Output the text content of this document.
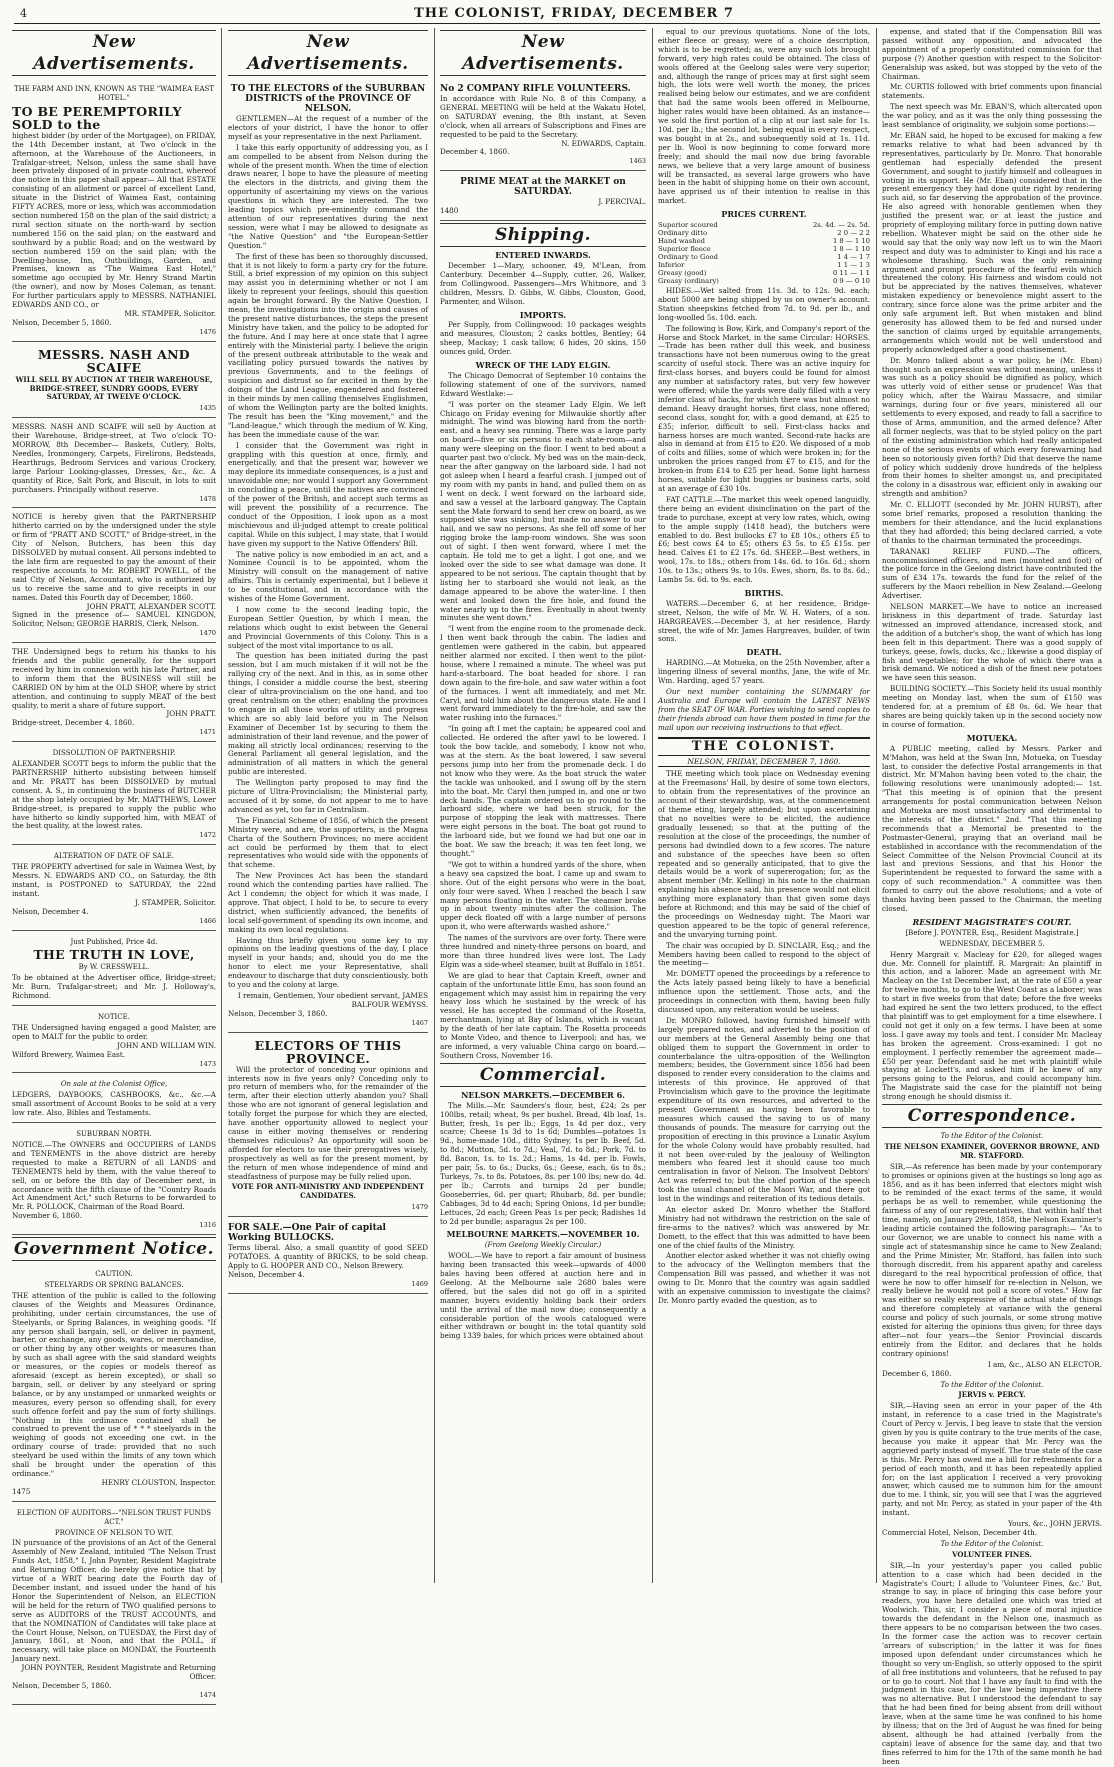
4	THE COLONIST, FRIDAY, DECEMBER 7
New Advertisements.
THE FARM AND INN, KNOWN AS THE "WAIMEA EAST HOTEL."
TO BE PEREMPTORILY SOLD to the
highest bidder (by order of the Mortgagee), on FRIDAY, the 14th December instant, at Two o'clock in the afternoon, at the Warehouse of the Auctioneers, in Trafalgar-street, Nelson, unless the same shall have been privately disposed of in private contract, whereof due notice in this paper shall appear— All that ESTATE consisting of an allotment or parcel of excellent Land, situate in the District of Waimea East, containing FIFTY ACRES, more or less, which was accommodation section numbered 158 on the plan of the said district; a rural section situate on the north-ward by section numbered 156 on the said plan; on the eastward and southward by a public Road; and on the westward by section numbered 159 on the said plan; with the Dwelling-house, Inn, Outbuildings, Garden, and Premises, known as "The Waimea East Hotel," sometime ago occupied by Mr. Henry Strand Martin (the owner), and now by Moses Coleman, as tenant. For further particulars apply to MESSRS. NATHANIEL EDWARDS AND CO., or
MR. STAMPER, Solicitor.
Nelson, December 5, 1860.
1476
MESSRS. NASH AND SCAIFE
WILL SELL BY AUCTION AT THEIR WAREHOUSE, BRIDGE-STREET, SUNDRY GOODS, EVERY SATURDAY, AT TWELVE O'CLOCK.
1435
MESSRS. NASH AND SCAIFE will sell by Auction at their Warehouse, Bridge-street, at Two o'clock TO-MORROW, 8th December— Baskets, Cutlery, Bolts, Needles, Ironmongery, Carpets, Firelirons, Bedsteads, Hearthrugs, Bedroom Services and various Crockery, large Parlour Looking-glasses, Dresses, &c., &c. A quantity of Rice, Salt Pork, and Biscuit, in lots to suit purchasers. Principally without reserve.
1478
NOTICE is hereby given that the PARTNERSHIP hitherto carried on by the undersigned under the style or firm of "PRATT AND SCOTT," of Bridge-street, in the City of Nelson, Butchers, has been this day DISSOLVED by mutual consent. All persons indebted to the late firm are requested to pay the amount of their respective accounts to Mr. ROBERT POWELL, of the said City of Nelson, Accountant, who is authorized by us to receive the same and to give receipts in our names. Dated this Fourth day of December, 1860.
JOHN PRATT, ALEXANDER SCOTT.
Signed in the presence of— SAMUEL KINGDON, Solicitor, Nelson; GEORGE HARRIS, Clerk, Nelson.
1470
THE Undersigned begs to return his thanks to his friends and the public generally, for the support received by him in connexion with his late Partner, and to inform them that the BUSINESS will still be CARRIED ON by him at the OLD SHOP, where by strict attention, and continuing to supply MEAT of the best quality, to merit a share of future support.
JOHN PRATT.
Bridge-street, December 4, 1860.
1471
DISSOLUTION OF PARTNERSHIP.
ALEXANDER SCOTT begs to inform the public that the PARTNERSHIP hitherto subsisting between himself and Mr. PRATT has been DISSOLVED by mutual consent. A. S., in continuing the business of BUTCHER at the shop lately occupied by Mr. MATTHEWS, Lower Bridge-street, is prepared to supply the public who have hitherto so kindly supported him, with MEAT of the best quality, at the lowest rates.
1472
ALTERATION OF DATE OF SALE.
THE PROPERTY advertised for sale in Waimea West, by Messrs. N. EDWARDS AND CO., on Saturday, the 8th instant, is POSTPONED to SATURDAY, the 22nd instant.
J. STAMPER, Solicitor.
Nelson, December 4.
1466
Just Published, Price 4d.
THE TRUTH IN LOVE,
By W. CRESSWELL.
To be obtained at the Advertiser office, Bridge-street; Mr. Burn, Trafalgar-street; and Mr. J. Holloway's, Richmond.
NOTICE.
THE Undersigned having engaged a good Malster, are open to MALT for the public to order.
JOHN AND WILLIAM WIN.
Wilford Brewery, Waimea East.
1473
On sale at the Colonist Office,
LEDGERS, DAYBOOKS, CASHBOOKS, &c., &c.—A small assortment of Account Books to be sold at a very low rate. Also, Bibles and Testaments.
SUBURBAN NORTH.
NOTICE.—The OWNERS and OCCUPIERS of LANDS and TENEMENTS in the above district are hereby requested to make a RETURN of all LANDS and TENEMENTS held by them, with the value thereof to sell, on or before the 8th day of December next, in accordance with the fifth clause of the "Country Roads Act Amendment Act," such Returns to be forwarded to Mr. R. POLLOCK, Chairman of the Road Board.
November 6, 1860.
1316
Government Notice.
CAUTION.
STEELYARDS OR SPRING BALANCES.
THE attention of the public is called to the following clauses of the Weights and Measures Ordinance, prohibiting, under certain circumstances, the use of Steelyards, or Spring Balances, in weighing goods. "If any person shall bargain, sell, or deliver in payment, barter, or exchange, any goods, wares, or merchandise, or other thing by any other weights or measures than by such as shall agree with the said standard weights or measures, or the copies or models thereof as aforesaid (except as herein excepted), or shall so bargain, sell, or deliver by any steelyard or spring balance, or by any unstamped or unmarked weights or measures, every person so offending shall, for every such offence forfeit and pay the sum of forty shillings. "Nothing in this ordinance contained shall be construed to prevent the use of * * * steelyards in the weighing of goods not exceeding one cwt. in the ordinary course of trade: provided that no such steelyard be used within the limits of any town which shall be brought under the operation of this ordinance."
HENRY CLOUSTON, Inspector.
1475
ELECTION OF AUDITORS—"NELSON TRUST FUNDS ACT."
PROVINCE OF NELSON TO WIT.
IN pursuance of the provisions of an Act of the General Assembly of New Zealand, intituled "The Nelson Trust Funds Act, 1858," I, John Poynter, Resident Magistrate and Returning Officer, do hereby give notice that by virtue of a WRIT bearing date the Fourth day of December instant, and issued under the hand of his Honor the Superintendent of Nelson, an ELECTION will be held for the return of TWO qualified persons to serve as AUDITORS of the TRUST ACCOUNTS, and that the NOMINATION of Candidates will take place at the Court House, Nelson, on TUESDAY, the First day of January, 1861, at Noon, and that the POLL, if necessary, will take place on MONDAY, the Fourteenth January next.
JOHN POYNTER, Resident Magistrate and Returning Officer.
Nelson, December 5, 1860.
1474
New Advertisements.
TO THE ELECTORS of the SUBURBAN DISTRICTS of the PROVINCE OF NELSON.

GENTLEMEN—At the request of a number of the electors of your district, I have the honor to offer myself as your representative in the next Parliament.

I take this early opportunity of addressing you, as I am compelled to be absent from Nelson during the whole of the present month. When the time of election draws nearer, I hope to have the pleasure of meeting the electors in the districts, and giving them the opportunity of ascertaining my views on the various questions in which they are interested. The two leading topics which pre-eminently command the attention of our representatives during the next session, were what I may be allowed to designate as "the Native Question" and "the European-Settler Question."

The first of these has been so thoroughly discussed, that it is not likely to form a party cry for the future. Still, a brief expression of my opinion on this subject may assist you in determining whether or not I am likely to represent your feelings, should this question again be brought forward. By the Native Question, I mean, the investigations into the origin and causes of the present native disturbances, the steps the present Ministry have taken, and the policy to be adopted for the future. And I may here at once state that I agree entirely with the Ministerial party. I believe the origin of the present outbreak attributable to the weak and vacillating policy pursued towards the natives by previous Governments, and to the feelings of suspicion and distrust so far excited in them by the doings of the Land League, engendered and fostered in their minds by men calling themselves Englishmen, of whom the Wellington party are the bolted knights. The result has been the "King movement," and the "Land-league," which through the medium of W. King, has been the immediate cause of the war.

I consider that the Government was right in grappling with this question at once, firmly, and energetically, and that the present war, however we may deplore its immediate consequences, is a just and unavoidable one; nor would I support any Government in concluding a peace, until the natives are convinced of the power of the British, and accept such terms as will prevent the possibility of a recurrence. The conduct of the Opposition, I look upon as a most mischievous and ill-judged attempt to create political capital. While on this subject, I may state, that I would have given my support to the Native Offenders' Bill.

The native policy is now embodied in an act, and a Nominee Council is to be appointed, whom the Ministry will consult on the management of native affairs. This is certainly experimental, but I believe it to be constitutional, and in accordance with the wishes of the Home Government.

I now come to the second leading topic, the European Settler Question, by which I mean, the relations which ought to exist between the General and Provincial Governments of this Colony. This is a subject of the most vital importance to us all.

The question has been initiated during the past session, but I am much mistaken if it will not be the rallying cry of the next. And in this, as in some other things, I consider a middle course the best, steering clear of ultra-provincialism on the one hand, and too great centralism on the other; enabling the provinces to engage in all those works of utility and progress which are so ably laid before you in The Nelson Examiner of December 1st by securing to them the administration of their land revenue, and the power of making all strictly local ordinances; reserving to the General Parliament all general legislation, and the administration of all matters in which the general public are interested.

The Wellington party proposed to may find the picture of Ultra-Provincialism; the Ministerial party, accused of it by some, do not appear to me to have advanced as yet, too far in Centralism.

The Financial Scheme of 1856, of which the present Ministry were, and are, the supporters, is the Magna Charta of the Southern Provinces; no mere accident act could be performed by them that to elect representatives who would side with the opponents of that scheme.

The New Provinces Act has been the standard round which the contending parties have rallied. The Act I condemn; the object for which it was made, I approve. That object, I hold to be, to secure to every district, when sufficiently advanced, the benefits of local self-government of spending its own income, and making its own local regulations.

Having thus briefly given you some key to my opinions on the leading questions of the day, I place myself in your hands; and, should you do me the honor to elect me your Representative, shall endeavour to discharge that duty conscientiously, both to you and the colony at large.

I remain, Gentlemen, Your obedient servant, JAMES BALFOUR WEMYSS.
Nelson, December 3, 1860.
1467
ELECTORS OF THIS PROVINCE.

Will the protector of conceding your opinions and interests now in five years only? Conceding only to pro return of members who, for the remainder of the term, after their election utterly abandon you? Shall those who are not ignorant of general legislation and totally forget the purpose for which they are elected, have another opportunity allowed to neglect your cause in either moving themselves or rendering themselves ridiculous? An opportunity will soon be afforded for electors to use their prerogatives wisely, prospectively as well as for the present moment, by the return of men whose independence of mind and steadfastness of purpose may be fully relied upon.

VOTE FOR ANTI-MINISTRY AND INDEPENDENT CANDIDATES.
1479
FOR SALE.—One Pair of capital Working BULLOCKS.
Terms liberal. Also, a small quantity of good SEED POTATOES. A quantity of BRICKS, to be sold cheap. Apply to G. HOOPER AND CO., Nelson Brewery.
Nelson, December 4.
1469
New Advertisements.
No 2 COMPANY RIFLE VOLUNTEERS.
In accordance with Rule No. 8 of this Company, a GENERAL MEETING will be held at the Wakatu Hotel, on SATURDAY evening, the 8th instant, at Seven o'clock, when all arrears of Subscriptions and Fines are requested to be paid to the Secretary.
N. EDWARDS, Captain.
December 4, 1860.
1463
PRIME MEAT at the MARKET on SATURDAY.
J. PERCIVAL.
1480
Shipping.
ENTERED INWARDS.

December 1—Mary, schooner, 49, M'Lean, from Canterbury. December 4—Supply, cutter, 26, Walker, from Collingwood. Passengers—Mrs Whitmore, and 3 children, Messrs. D. Gibbs, W. Gibbs, Clouston, Good, Parmenter, and Wilson.

IMPORTS.

Per Supply, from Collingwood: 10 packages weights and measures, Clouston; 2 casks bottles, Bentley; 64 sheep, Mackay; 1 cask tallow, 6 hides, 20 skins, 150 ounces gold, Order.

WRECK OF THE LADY ELGIN.

The Chicago Democrat of September 10 contains the following statement of one of the survivors, named Edward Westlake:—

"I was porter on the steamer Lady Elgin. We left Chicago on Friday evening for Milwaukie shortly after midnight. The wind was blowing hard from the north-east, and a heavy sea running. There was a large party on board—five or six persons to each state-room—and many were sleeping on the floor. I went to bed about a quarter past two o'clock. My bed was on the main-deck, near the after gangway on the larboard side. I had not got asleep when I heard a fearful crash. I jumped out of my room with my pants in hand, and pulled them on as I went on deck. I went forward on the larboard side, and saw a vessel at the larboard gangway. The Captain sent the Mate forward to send her crew on board, as we supposed she was sinking, but made no answer to our hail, and we saw no persons. As she fell off some of her rigging broke the lamp-room windows. She was soon out of sight. I then went forward, where I met the captain. He told me to get a light. I got one, and we looked over the side to see what damage was done. It appeared to be not serious. The captain thought that by listing her to starboard she would not leak, as the damage appeared to be above the water-line. I then went and looked down the fire hole, and found the water nearly up to the fires. Eventually in about twenty minutes she went down."

"I went from the engine room to the promenade deck. I then went back through the cabin. The ladies and gentlemen were gathered in the cabin, but appeared neither alarmed nor excited. I then went to the pilot-house, where I remained a minute. The wheel was put hard-a-starboard. The boat headed for shore. I ran down again to the fire-hole, and saw water within a foot of the furnaces. I went aft immediately, and met Mr. Caryl, and told him about the dangerous state. He and I went forward immediately to the fire-hole, and saw the water rushing into the furnaces."

"In going aft I met the captain; he appeared cool and collected. He ordered the after yawl to be lowered. I took the bow tackle, and somebody, I know not who, was at the stern. As the boat lowered, I saw several persons jump into her from the promenade deck. I do not know who they were. As the boat struck the water the tackle was unhooked, and I swung off by the stern into the boat. Mr. Caryl then jumped in, and one or two deck hands. The captain ordered us to go round to the larboard side, where we had been struck, for the purpose of stopping the leak with mattresses. There were eight persons in the boat. The boat got round to the larboard side, but we found we had but one oar in the boat. We saw the breach; it was ten feet long, we thought."

"We got to within a hundred yards of the shore, when a heavy sea capsized the boat. I came up and swam to shore. Out of the eight persons who were in the boat, only four were saved. When I reached the beach I saw many persons floating in the water. The steamer broke up in about twenty minutes after the collision. The upper deck floated off with a large number of persons upon it, who were afterwards washed ashore."

The names of the survivors are over forty. There were three hundred and ninety-three persons on board, and more than three hundred lives were lost. The Lady Elgin was a side-wheel steamer, built at Buffalo in 1851.

We are glad to hear that Captain Kreeft, owner and captain of the unfortunate little Emu, has soon found an engagement which may assist him in repairing the very heavy loss which he sustained by the wreck of his vessel. He has accepted the command of the Rosetta, merchantman, lying at Bay of Islands, which is vacant by the death of her late captain. The Rosetta proceeds to Monte Video, and thence to Liverpool; and has, we are informed, a very valuable China cargo on board.—Southern Cross, November 16.

Commercial.
NELSON MARKETS.—DECEMBER 6.

The Mills.—Mr. Saunders's flour, best, £24; 2s per 100lbs, retail; wheat, 9s per bushel. Bread, 4lb loaf, 1s. Butter, fresh, 1s per lb.; Eggs, 1s 4d per doz., very scarce; Cheese 1s 3d to 1s 6d; Dumbles—potatoes 1s 9d., home-made 10d., ditto Sydney, 1s per lb. Beef, 5d. to 8d.; Mutton, 5d. to 7d.; Veal, 7d. to 8d.; Pork, 7d. to 8d. Bacon, 1s. to 1s. 2d.; Hams, 1s 4d. per lb. Fowls, per pair, 5s. to 6s.; Ducks, 6s.; Geese, each, 6s to 8s.; Turkeys, 7s. to 8s. Potatoes, 8s. per 100 lbs; new do. 4d. per lb.; Carrots and turnips 2d per bundle; Gooseberries, 6d. per quart; Rhubarb, 8d. per bundle; Cabbages, 3d to 4d each; Spring Onions, 1d per bundle; Lettuces, 2d each; Green Peas 1s per peck; Radishes 1d to 2d per bundle; asparagus 2s per 100.

MELBOURNE MARKETS.—NOVEMBER 10.
(From Geelong Weekly Circular.)

WOOL.—We have to report a fair amount of business having been transacted this week—upwards of 4000 bales having been offered at auction here and in Geelong. At the Melbourne sale 2680 bales were offered, but the sales did not go off in a spirited manner, buyers evidently holding back their orders until the arrival of the mail now due; consequently a considerable portion of the wools catalogued were either withdrawn or bought in: the total quantity sold being 1339 bales, for which prices were obtained about

equal to our previous quotations. None of the lots, either fleece or greasy, were of a choice description, which is to be regretted; as, were any such lots brought forward, very high rates could be obtained. The class of wools offered at the Geelong sales were very superior; and, although the range of prices may at first sight seem high, the lots were well worth the money, the prices realised being below our estimates, and we are confident that had the same wools been offered in Melbourne, higher rates would have been obtained. As an instance—we sold the first portion of a clip at our last sale for 1s. 10d. per lb.; the second lot, being equal in every respect, was bought in at 2s., and subsequently sold at 1s. 11d. per lb. Wool is now beginning to come forward more freely; and should the mail now due bring favorable news, we believe that a very large amount of business will be transacted, as several large growers who have been in the habit of shipping home on their own account, have apprised us of their intention to realise in this market.

PRICES CURRENT.
Superior scoured	2s. 4d. — 2s. 5d.
Ordinary ditto	2 0 — 2 2
Hand washed	1 8 — 1 10
Superior fleece	1 8 — 1 10
Ordinary to Good	1 4 — 1 7
Inferior	1 1 — 1 3
Greasy (good)	0 11 — 1 1
Greasy (ordinary)	0 9 — 0 10

HIDES.—Wet salted from 11s. 3d. to 12s. 9d. each; about 5000 are being shipped by us on owner's account. Station sheepskins fetched from 7d. to 9d. per lb., and long-woolled 5s. 10d. each.

The following is Bow, Kirk, and Company's report of the Horse and Stock Market, in the same Circular: HORSES.—Trade has been rather dull this week, and business transactions have not been numerous owing to the great scarcity of useful stock. There was an active inquiry for first-class horses, and buyers could be found for almost any number at satisfactory rates, but very few however were offered; while the yards were daily filled with a very inferior class of hacks, for which there was but almost no demand. Heavy draught horses, first class, none offered; second class, sought for, with a good demand, at £25 to £35; inferior, difficult to sell. First-class hacks and harness horses are much wanted. Second-rate hacks are also in demand at from £15 to £20. We disposed of a mob of colts and fillies, some of which were broken in; for the unbroken the prices ranged from £7 to £15, and for the broken-in from £14 to £25 per head. Some light harness horses, suitable for light buggies or business carts, sold at an average of £30 10s.

FAT CATTLE.—The market this week opened languidly, there being an evident disinclination on the part of the trade to purchase, except at very low rates, which, owing to the ample supply (1418 head), the butchers were enabled to do. Best bullocks £7 to £8 10s.; others £5 to £6; best cows £4 to £5; others £3 5s. to £5 £15s. per head. Calves £1 to £2 17s. 6d. SHEEP.—Best wethers, in wool, 17s. to 18s.; others from 14s. 6d. to 16s. 6d.; shorn 10s. to 13s.; others 9s. to 10s. Ewes, shorn, 8s. to 8s. 6d.; Lambs 5s. 6d. to 9s. each.

BIRTHS.

WATERS.—December 6, at her residence, Bridge-street, Nelson, the wife of Mr. W. H. Waters, of a son. HARGREAVES.—December 3, at her residence, Hardy street, the wife of Mr. James Hargreaves, builder, of twin sons.

DEATH.

HARDING.—At Motueka, on the 25th November, after a lingering illness of several months, Jane, the wife of Mr. Wm. Harding, aged 57 years.

Our next number containing the SUMMARY for Australia and Europe will contain the LATEST NEWS from the SEAT OF WAR. Parties wishing to send copies to their friends abroad can have them posted in time for the mail upon our receiving instructions to that effect.

THE COLONIST.
NELSON, FRIDAY, DECEMBER 7, 1860.

THE meeting which took place on Wednesday evening at the Freemasons' Hall, by desire of some town electors, to obtain from the representatives of the province an account of their stewardship, was, at the commencement of theme eting, largely attended; but upon ascertaining that no novelties were to be elicited, the audience gradually lessened; so that at the putting of the resolution at the close of the proceedings, the number of persons had dwindled down to a few scores. The nature and substance of the speeches have been so often repeated and so generally anticipated, that to give the details would be a work of supererogation; for, as the absent member (Mr. Kelling) in his note to the chairman explaining his absence said, his presence would not elicit anything more explanatory than that given some days before at Richmond; and this may be said of the chief of the proceedings on Wednesday night. The Maori war question appeared to be the topic of general reference, and the unvarying turning point.

The chair was occupied by D. SINCLAIR, Esq.; and the Members having been called to respond to the object of the meeting—

Mr. DOMETT opened the proceedings by a reference to the Acts lately passed being likely to have a beneficial influence upon the settlement. Those acts, and the proceedings in connection with them, having been fully discussed upon, any reiteration would be useless.

Dr. MONRO followed, having furnished himself with largely prepared notes, and adverted to the position of our members at the General Assembly being one that obliged them to support the Government in order to counterbalance the ultra-opposition of the Wellington members; besides, the Government since 1856 had been disposed to render every consideration to the claims and interests of this province. He approved of that Provincialism which gave to the province the legitimate expenditure of its own resources, and adverted to the present Government as having been favorable to measures which caused the saving to us of many thousands of pounds. The measure for carrying out the proposition of erecting in this province a Lunatic Asylum for the whole Colony would have probably resulted, had it not been over-ruled by the jealousy of Wellington members who feared lest it should cause too much centralisation in favor of Nelson. The Insolvent Debtors' Act was referred to; but the chief portion of the speech took the usual channel of the Maori War, and there got lost in the windings and reiteration of its tedious details.

An elector asked Dr. Monro whether the Stafford Ministry had not withdrawn the restriction on the sale of fire-arms to the natives? which was answered by Mr. Domett, to the effect that this was admitted to have been one of the chief faults of the Ministry.

Another elector asked whether it was not chiefly owing to the advocacy of the Wellington members that the Compensation Bill was passed, and whether it was not owing to Dr. Monro that the country was again saddled with an expensive commission to investigate the claims? Dr. Monro partly evaded the question, as to

expense, and stated that if the Compensation Bill was passed without any opposition, and advocated the appointment of a properly constituted commission for that purpose (?) Another question with respect to the Solicitor-Generalship was asked, but was stopped by the veto of the Chairman.

Mr. CURTIS followed with brief comments upon financial statements.

The next speech was Mr. EBAN'S, which altercated upon the war policy, and as it was the only thing possessing the least semblance of originality, we subjoin some portions:—

Mr. EBAN said, he hoped to be excused for making a few remarks relative to what had been advanced by th representatives, particularly by Dr. Monro. That honorable gentleman had especially defended the present Government, and sought to justify himself and colleagues in voting in its support. He (Mr. Eban) considered that in the present emergency they had done quite right by rendering such aid, so far deserving the approbation of the province. He also agreed with honorable gentlemen when they justified the present war, or at least the justice and propriety of employing military force in putting down native rebellion. Whatever might be said on the other side he would say that the only way now left us to win the Maori respect and duty was to administer to Kingi and his race a wholesome thrashing. Such was the only remaining argument and prompt procedure of the fearful evils which threatened the colony. His fairness and wisdom could not but be appreciated by the natives themselves, whatever mistaken expediency or benevolence might assert to the contrary, since force alone was the prime arbiter and the only safe argument left. But when mistaken and blind generosity has allowed them to be fed and nursed under the sanction of claims urged by equitable arrangements, arrangements which would not be well understood and properly acknowledged after a good chastisement.

Dr. Monro talked about a war policy, he (Mr. Eban) thought such an expression was without meaning, unless it was such as a policy should be dignified as policy, which was utterly void of either sense or prudence! Was that policy which, after the Wairau Massacre, and similar warnings, during four or five years, ministered all our settlements to every exposed, and ready to fall a sacrifice to those of Arms, ammunition, and the armed defence? After all former neglects, was that to be styled policy on the part of the existing administration which had really anticipated none of the serious events of which every forewarning had been so notoriously given forth? Did that deserve the name of policy which suddenly drove hundreds of the helpless from their homes to shelter amongst us, and precipitated the colony in a disastrous war, efficient only in awaking our strength and ambition?

Mr. C. ELLIOTT (seconded by Mr. JOHN HURST), after some brief remarks, proposed a resolution thanking the members for their attendance, and the lucid explanations that they had afforded; this being declared carried, a vote of thanks to the chairman terminated the proceedings.

TARANAKI RELIEF FUND.—The officers, noncommissioned officers, and men (mounted and foot) of the police force in the Geelong district have contributed the sum of £34 17s. towards the fund for the relief of the sufferers by the Maori rebellion in New Zealand.—Geelong Advertiser.

NELSON MARKET.—We have to notice an increased briskness in this department of trade. Saturday last witnessed an improved attendance, increased stock, and the addition of a butcher's shop, the want of which has long been felt in this department. There was a good supply of turkeys, geese, fowls, ducks, &c.; likewise a good display of fish and vegetables; for the whole of which there was a brisk demand. We noticed a dish of the finest new potatoes we have seen this season.

BUILDING SOCIETY.—This Society held its usual monthly meeting on Monday last, when the sum of £150 was tendered for, at a premium of £8 0s. 6d. We hear that shares are being quickly taken up in the second society now in course of formation.

MOTUEKA.

A PUBLIC meeting, called by Messrs. Parker and M'Mahon, was held at the Swan Inn, Motueka, on Tuesday last, to consider the defective Postal arrangements in that district. Mr. M'Mahon having been voted to the chair, the following resolutions were unanimously adopted:— 1st. "That this meeting is of opinion that the present arrangements for postal communication between Nelson and Motueka are most unsatisfactory and detrimental to the interests of the district." 2nd. "That this meeting recommends that a Memorial be presented to the Postmaster-General, praying that an overland mail be established in accordance with the recommendation of the Select Committee of the Nelson Provincial Council at its last and previous Sessions, and that his Honor the Superintendent be requested to forward the same with a copy of such recommendation." A committee was then formed to carry out the above resolutions; and a vote of thanks having been passed to the Chairman, the meeting closed.

RESIDENT MAGISTRATE'S COURT.
[Before J. POYNTER, Esq., Resident Magistrate.]
WEDNESDAY, DECEMBER 5.

Henry Margrait v. Macleay for £20, for alleged wages due. Mr. Connell for plaintiff. R. Margrait: An plaintiff in this action, and a laborer. Made an agreement with Mr. Macleay on the 1st December last, at the rate of £50 a year for twelve months, to go to the West Coast as a laborer; was to start in five weeks from that date; before the five weeks had expired he sent the two letters produced, to the effect that plaintiff was to get employment for a time elsewhere. I could not get it only on a few terms. I have been at some loss. I gave away my tools and tent. I consider Mr. Macleay has broken the agreement. Cross-examined: I got no employment. I perfectly remember the agreement made—£50 per year. Defendant said he met with plaintiff while staying at Lockett's, and asked him if he knew of any persons going to the Pelorus, and could accompany him. The Magistrate said the case for the plaintiff not being strong enough he should dismiss it.

Correspondence.
To the Editor of the Colonist.
THE NELSON EXAMINER, GOVERNOR BROWNE, AND MR. STAFFORD.

SIR,—As reference has been made by your contemporary to promises or opinions given at the hustings so long ago as 1856, and as it has been inferred that electors might wish to be reminded of the exact terms of the same, it would perhaps be as well to remember, while questioning the fairness of any of our representatives, that within half that time, namely, on January 29th, 1858, the Nelson Examiner's leading article contained the following paragraph:— "As to our Governor, we are unable to connect his name with a single act of statesmanship since he came to New Zealand; and the Prime Minister, Mr. Stafford, has fallen into such thorough discredit, from his apparent apathy and careless disregard to the real hypocritical profession of office, that were he now to offer himself for re-election in Nelson, we really believe he would not poll a score of votes." How far was either so really expressive of the actual state of things and therefore completely at variance with the general course and policy of such journals, or some strong motive existed for altering the opinions thus given; for three days after—not four years—the Senior Provincial discards entirely from the Editor, and declares that he holds contrary opinions!

I am, &c., ALSO AN ELECTOR.
December 6, 1860.
To the Editor of the Colonist.
JERVIS v. PERCY.

SIR,—Having seen an error in your paper of the 4th instant, in reference to a case tried in the Magistrate's Court of Percy v. Jervis, I beg leave to state that the version given by you is quite contrary to the true merits of the case, because you make it appear that Mr. Percy was the aggrieved party instead of myself. The true state of the case is this. Mr. Percy has owed me a bill for refreshments for a period of each month, and it has been repeatedly applied for; on the last application I received a very provoking answer, which caused me to summon him for the amount due to me. I think, sir, you will see that I was the aggrieved party, and not Mr. Percy, as stated in your paper of the 4th instant.

Yours, &c., JOHN JERVIS.
Commercial Hotel, Nelson, December 4th.
To the Editor of the Colonist.
VOLUNTEER FINES.

SIR,—In your yesterday's paper you called public attention to a case which had been decided in the Magistrate's Court; I allude to 'Volunteer Fines, &c.' But, strange to say, in place of bringing this case before your readers, you have here detailed one which was tried at Woolwich. This, sir, I consider a piece of moral injustice towards the defendant in the Nelson one, inasmuch as there appears to be no comparison between the two cases. In the former case the action was to recover certain 'arrears of subscription;' in the latter it was for fines imposed upon defendant under circumstances which he thought so very un-English, so utterly opposed to the spirit of all free institutions and volunteers, that he refused to pay or to go to court. Not that I have any fault to find with the judgment in this case, for the law being imperative there was no alternative. But I understood the defendant to say that he had been fined for being absent from drill without leave, when at the same time he was confined to his home by illness; that on the 3rd of August he was fined for being absent, although he had attained (verbally from the captain) leave of absence for the same day, and that two fines referred to him for the 17th of the same month he had been
